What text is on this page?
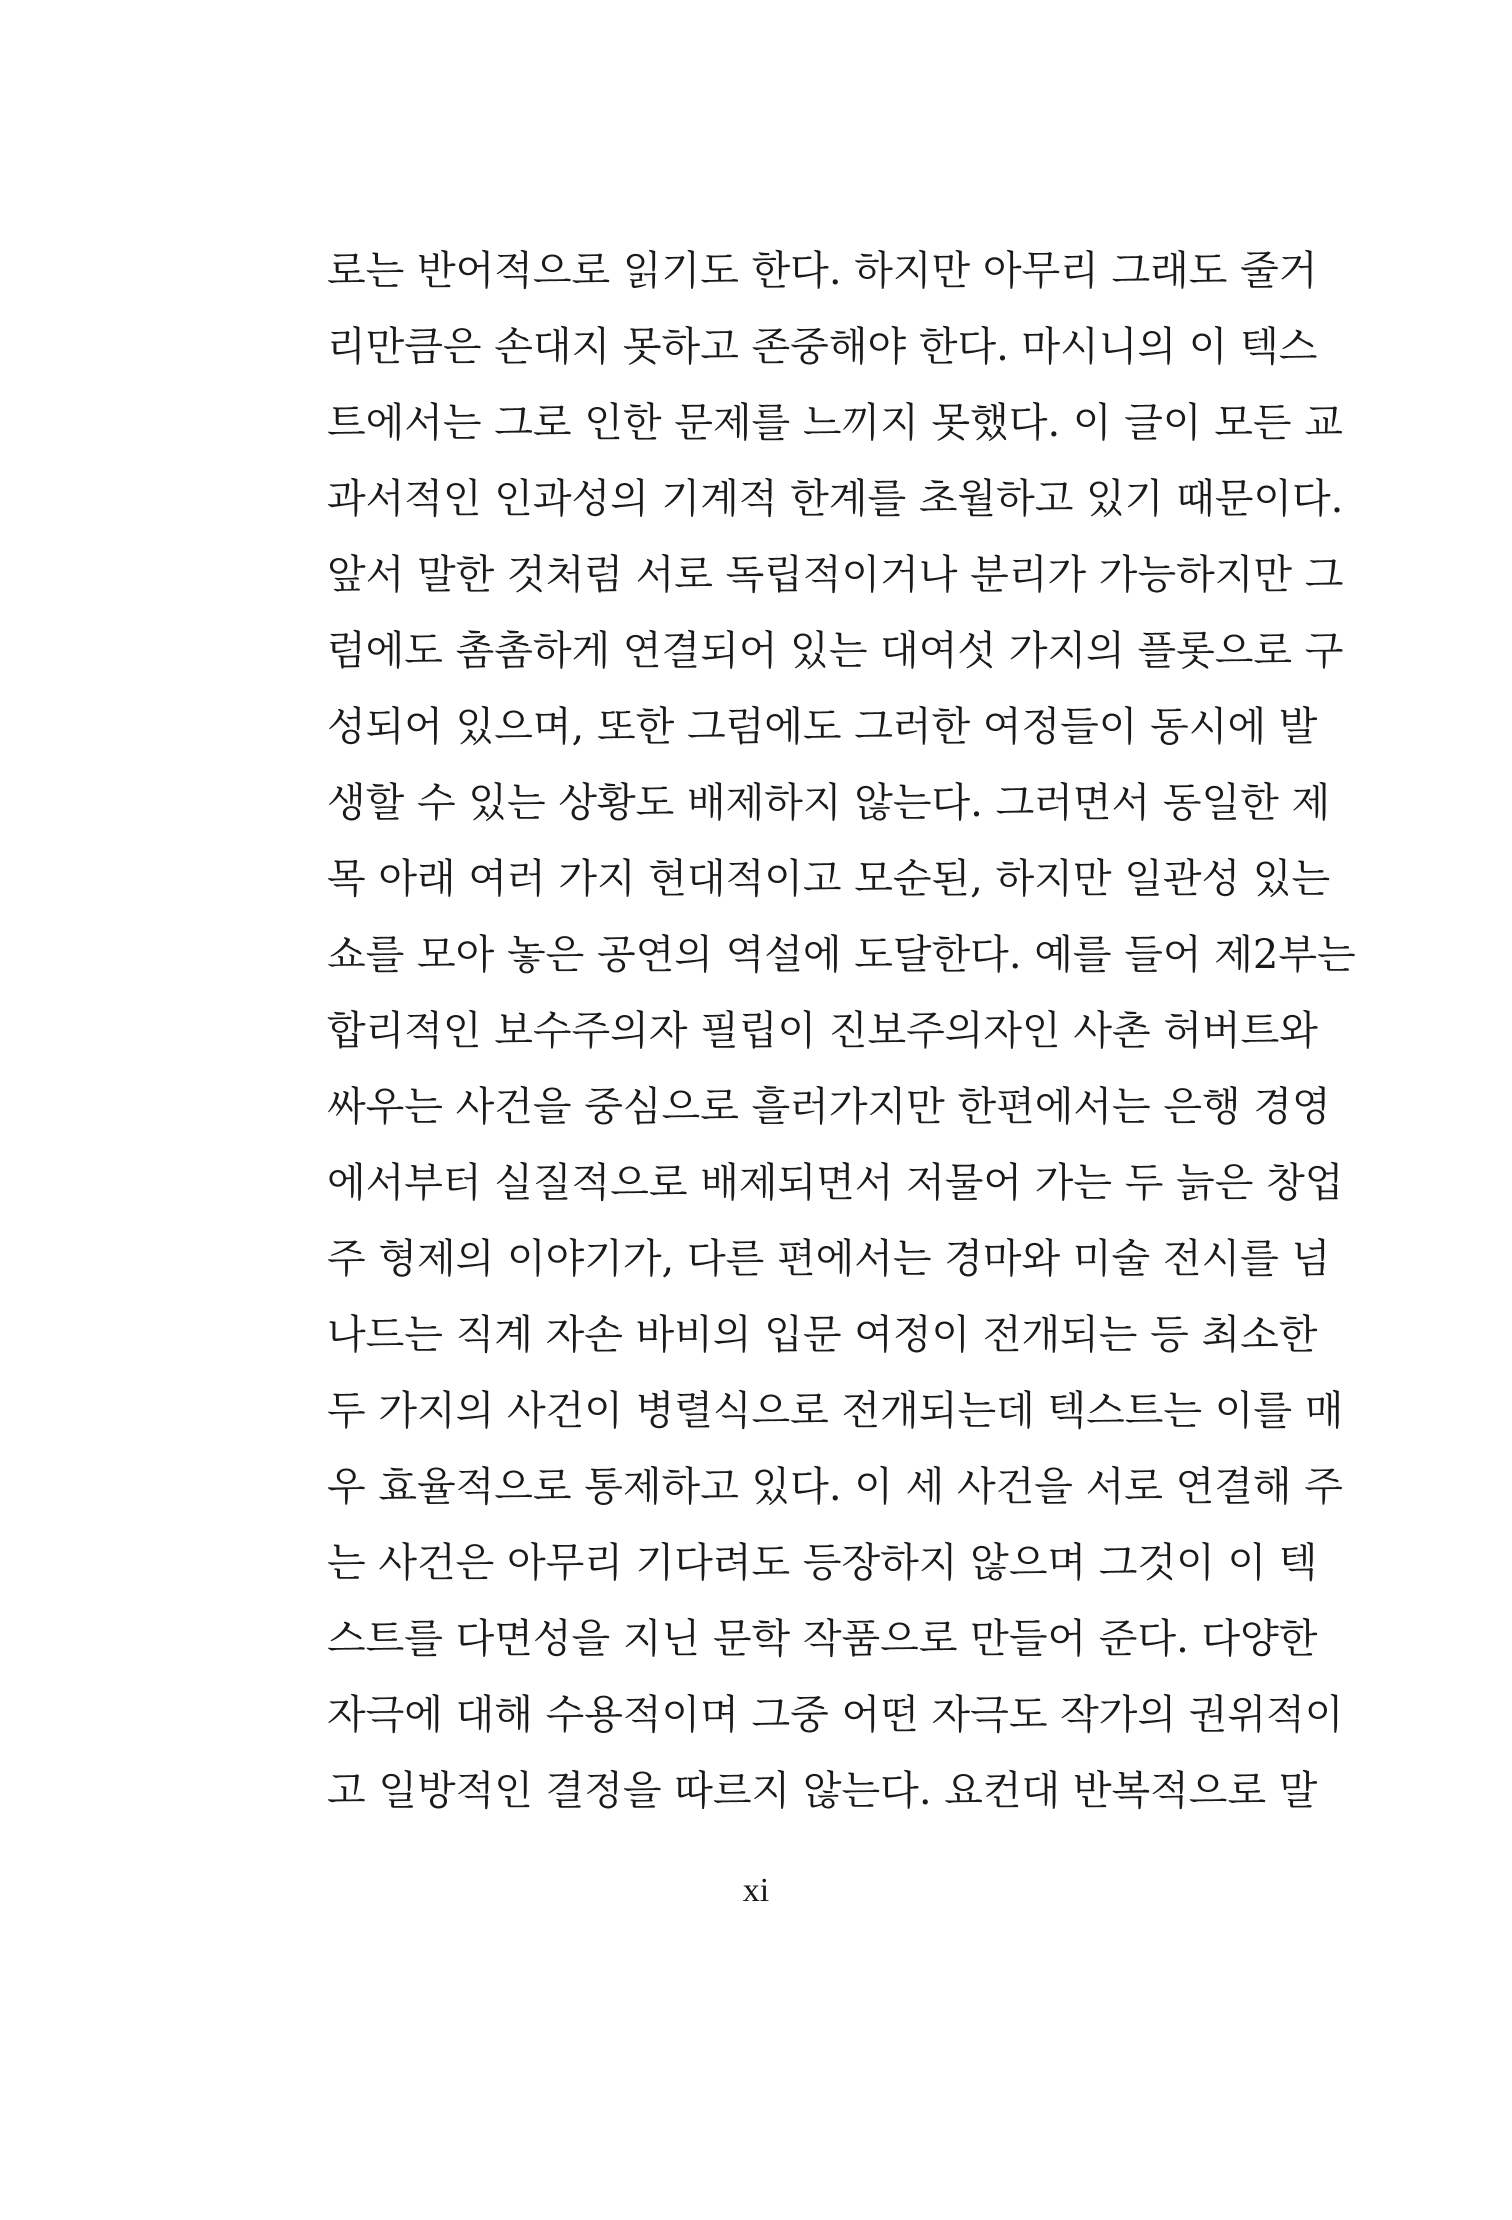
로는 반어적으로 읽기도 한다. 하지만 아무리 그래도 줄거
리만큼은 손대지 못하고 존중해야 한다. 마시니의 이 텍스
트에서는 그로 인한 문제를 느끼지 못했다. 이 글이 모든 교
과서적인 인과성의 기계적 한계를 초월하고 있기 때문이다.
앞서 말한 것처럼 서로 독립적이거나 분리가 가능하지만 그
럼에도 촘촘하게 연결되어 있는 대여섯 가지의 플롯으로 구
성되어 있으며, 또한 그럼에도 그러한 여정들이 동시에 발
생할 수 있는 상황도 배제하지 않는다. 그러면서 동일한 제
목 아래 여러 가지 현대적이고 모순된, 하지만 일관성 있는
쇼를 모아 놓은 공연의 역설에 도달한다. 예를 들어 제2부는
합리적인 보수주의자 필립이 진보주의자인 사촌 허버트와
싸우는 사건을 중심으로 흘러가지만 한편에서는 은행 경영
에서부터 실질적으로 배제되면서 저물어 가는 두 늙은 창업
주 형제의 이야기가, 다른 편에서는 경마와 미술 전시를 넘
나드는 직계 자손 바비의 입문 여정이 전개되는 등 최소한
두 가지의 사건이 병렬식으로 전개되는데 텍스트는 이를 매
우 효율적으로 통제하고 있다. 이 세 사건을 서로 연결해 주
는 사건은 아무리 기다려도 등장하지 않으며 그것이 이 텍
스트를 다면성을 지닌 문학 작품으로 만들어 준다. 다양한
자극에 대해 수용적이며 그중 어떤 자극도 작가의 권위적이
고 일방적인 결정을 따르지 않는다. 요컨대 반복적으로 말
xi
